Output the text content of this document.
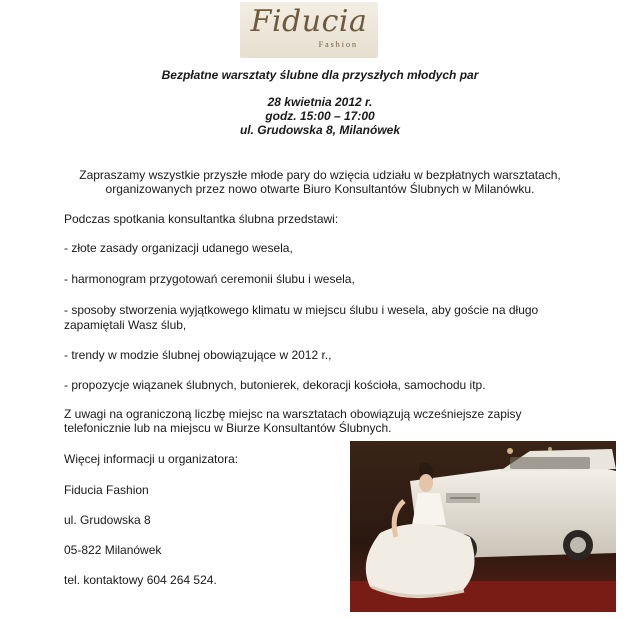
Fiducia
Fashion
Bezpłatne warsztaty ślubne dla przyszłych młodych par
28 kwietnia 2012 r.
godz. 15:00 – 17:00
ul. Grudowska 8, Milanówek
Zapraszamy wszystkie przyszłe młode pary do wzięcia udziału w bezpłatnych warsztatach,
organizowanych przez nowo otwarte Biuro Konsultantów Ślubnych w Milanówku.
Podczas spotkania konsultantka ślubna przedstawi:
- złote zasady organizacji udanego wesela,
- harmonogram przygotowań ceremonii ślubu i wesela,
- sposoby stworzenia wyjątkowego klimatu w miejscu ślubu i wesela, aby goście na długo
zapamiętali Wasz ślub,
- trendy w modzie ślubnej obowiązujące w 2012 r.,
- propozycje wiązanek ślubnych, butonierek, dekoracji kościoła, samochodu itp.
Z uwagi na ograniczoną liczbę miejsc na warsztatach obowiązują wcześniejsze zapisy
telefonicznie lub na miejscu w Biurze Konsultantów Ślubnych.
Więcej informacji u organizatora:
Fiducia Fashion
ul. Grudowska 8
05-822 Milanówek
tel. kontaktowy 604 264 524.
